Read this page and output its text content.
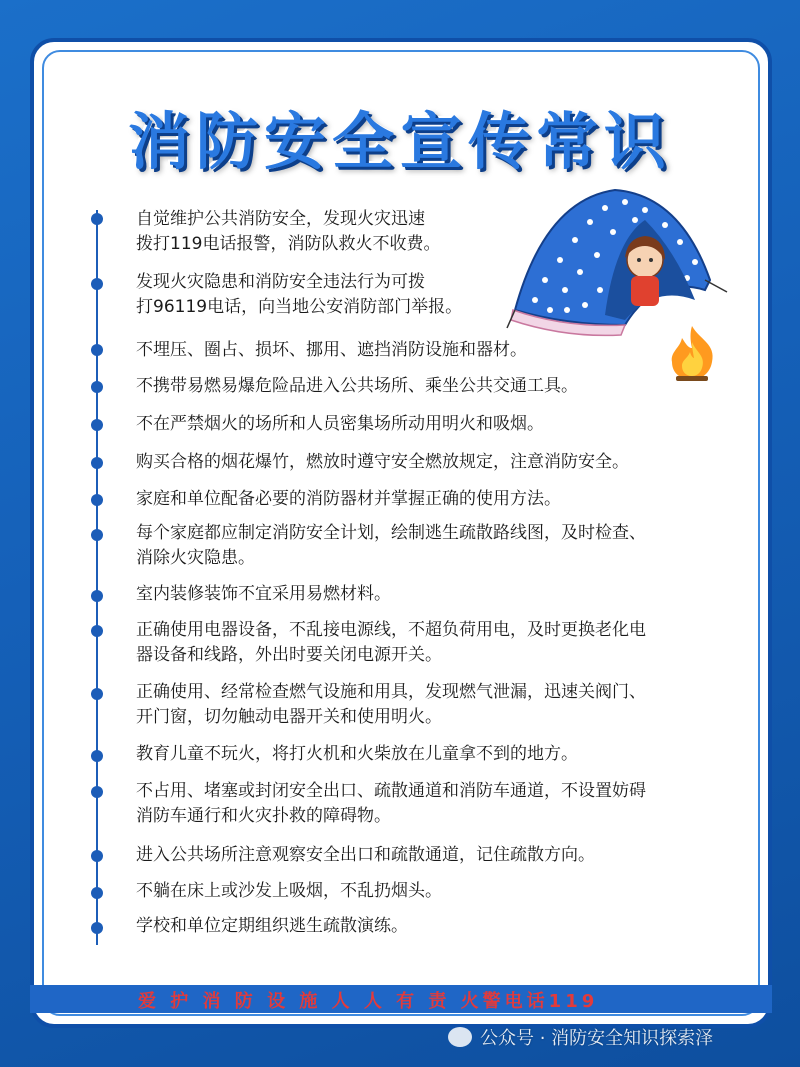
消防安全宣传常识
自觉维护公共消防安全，发现火灾迅速
拨打119电话报警，消防队救火不收费。
发现火灾隐患和消防安全违法行为可拨
打96119电话，向当地公安消防部门举报。
不埋压、圈占、损坏、挪用、遮挡消防设施和器材。
不携带易燃易爆危险品进入公共场所、乘坐公共交通工具。
不在严禁烟火的场所和人员密集场所动用明火和吸烟。
购买合格的烟花爆竹，燃放时遵守安全燃放规定，注意消防安全。
家庭和单位配备必要的消防器材并掌握正确的使用方法。
每个家庭都应制定消防安全计划，绘制逃生疏散路线图，及时检查、
消除火灾隐患。
室内装修装饰不宜采用易燃材料。
正确使用电器设备，不乱接电源线，不超负荷用电，及时更换老化电
器设备和线路，外出时要关闭电源开关。
正确使用、经常检查燃气设施和用具，发现燃气泄漏，迅速关阀门、
开门窗，切勿触动电器开关和使用明火。
教育儿童不玩火，将打火机和火柴放在儿童拿不到的地方。
不占用、堵塞或封闭安全出口、疏散通道和消防车通道，不设置妨碍
消防车通行和火灾扑救的障碍物。
进入公共场所注意观察安全出口和疏散通道，记住疏散方向。
不躺在床上或沙发上吸烟，不乱扔烟头。
学校和单位定期组织逃生疏散演练。
爱 护 消 防 设 施 人 人 有 责 火警电话119
公众号 · 消防安全知识探索泽
